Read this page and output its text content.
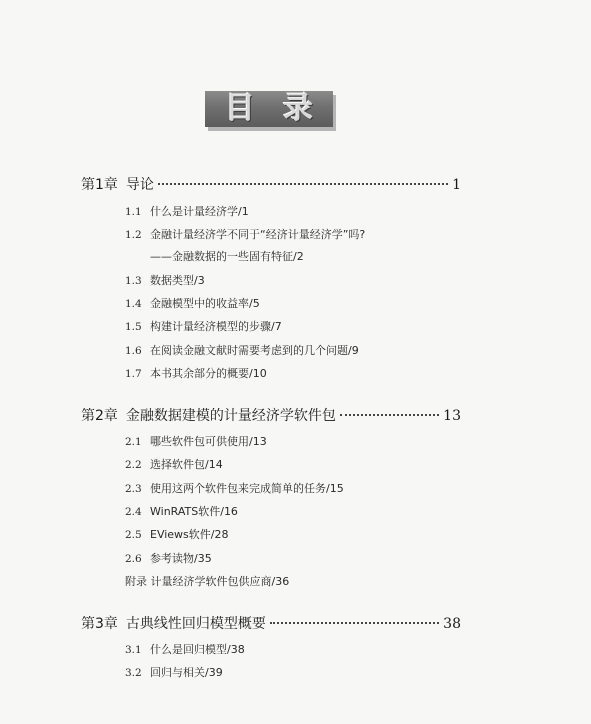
目 录
第1章 导论	1
1.1 什么是计量经济学/1
1.2 金融计量经济学不同于“经济计量经济学”吗?
——金融数据的一些固有特征/2
1.3 数据类型/3
1.4 金融模型中的收益率/5
1.5 构建计量经济模型的步骤/7
1.6 在阅读金融文献时需要考虑到的几个问题/9
1.7 本书其余部分的概要/10
第2章 金融数据建模的计量经济学软件包	13
2.1 哪些软件包可供使用/13
2.2 选择软件包/14
2.3 使用这两个软件包来完成简单的任务/15
2.4 WinRATS软件/16
2.5 EViews软件/28
2.6 参考读物/35
附录 计量经济学软件包供应商/36
第3章 古典线性回归模型概要	38
3.1 什么是回归模型/38
3.2 回归与相关/39
